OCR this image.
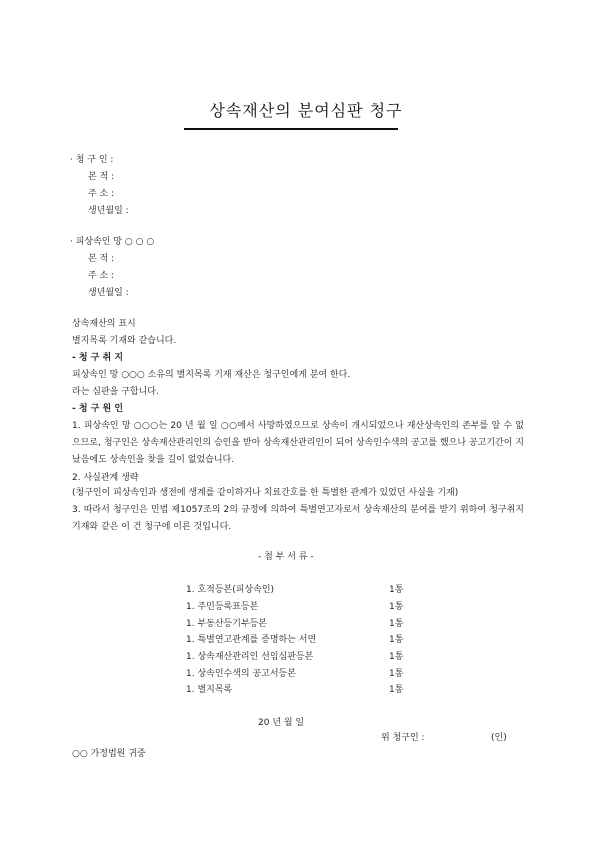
상속재산의 분여심판 청구
· 청 구 인 :
본 적 :
주 소 :
생년월일 :
· 피상속인 망 ○ ○ ○
본 적 :
주 소 :
생년월일 :
상속재산의 표시
별지목록 기재와 같습니다.
- 청 구 취 지
피상속인 망 ○○○ 소유의 별지목록 기재 재산은 청구인에게 분여 한다.
라는 심판을 구합니다.
- 청 구 원 인
1. 피상속인 망 ○○○는 20 년 월 일 ○○에서 사망하였으므로 상속이 개시되었으나 재산상속인의 존부를 알 수 없으므로, 청구인은 상속재산관리인의 승인을 받아 상속재산관리인이 되어 상속인수색의 공고를 했으나 공고기간이 지났음에도 상속인을 찾을 길이 없었습니다.
2. 사실관계 생략
(청구인이 피상속인과 생전에 생계를 같이하거나 치료간호를 한 특별한 관계가 있었던 사실을 기재)
3. 따라서 청구인은 민법 제1057조의 2의 규정에 의하여 특별연고자로서 상속재산의 분여를 받기 위하여 청구취지 기재와 같은 이 건 청구에 이른 것입니다.
- 첨 부 서 류 -
1. 호적등본(피상속인)	1통
1. 주민등록표등본	1통
1. 부동산등기부등본	1통
1. 특별연고관계를 증명하는 서면	1통
1. 상속재산관리인 선임심판등본	1통
1. 상속인수색의 공고서등본	1통
1. 별지목록	1통
20 년 월 일
위 청구인 :	(인)
○○ 가정법원 귀중
